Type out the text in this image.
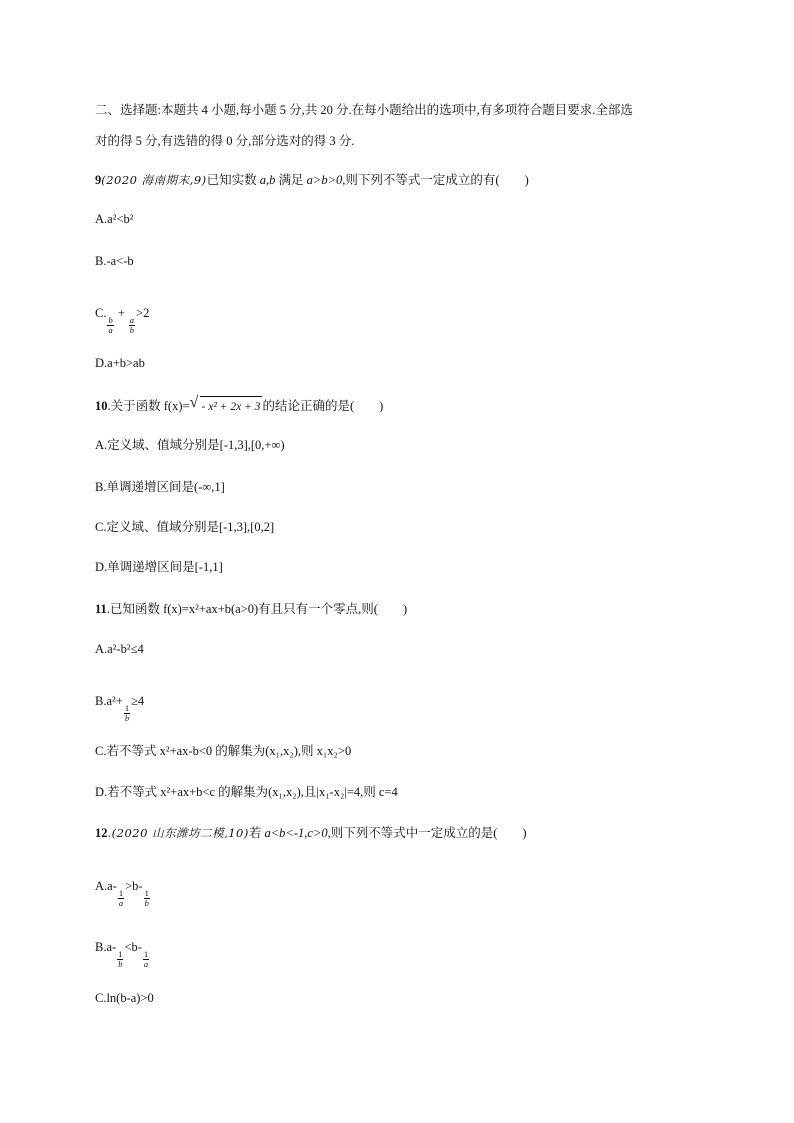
二、选择题:本题共 4 小题,每小题 5 分,共 20 分.在每小题给出的选项中,有多项符合题目要求.全部选
对的得 5 分,有选错的得 0 分,部分选对的得 3 分.
9(2020 海南期末,9)已知实数 a,b 满足 a>b>0,则下列不等式一定成立的有(　　)
A.a²<b²
B.-a<-b
C.
$\frac{b}{a}$
+
$\frac{a}{b}$
>2
D.a+b>ab
10.关于函数 f(x)= √ - x² + 2x + 3 的结论正确的是(　　)
A.定义域、值域分别是[-1,3],[0,+∞)
B.单调递增区间是(-∞,1]
C.定义域、值域分别是[-1,3],[0,2]
D.单调递增区间是[-1,1]
11.已知函数 f(x)=x²+ax+b(a>0)有且只有一个零点,则(　　)
A.a²-b²≤4
B.a²+
$\frac{1}{b}$
≥4
C.若不等式 x²+ax-b<0 的解集为(x₁,x₂),则 x₁x₂>0
D.若不等式 x²+ax+b<c 的解集为(x₁,x₂),且|x₁-x₂|=4,则 c=4
12.(2020 山东潍坊二模,10)若 a<b<-1,c>0,则下列不等式中一定成立的是(　　)
A.a-
$\frac{1}{a}$
>b-
$\frac{1}{b}$
B.a-
$\frac{1}{b}$
<b-
$\frac{1}{a}$
C.ln(b-a)>0
